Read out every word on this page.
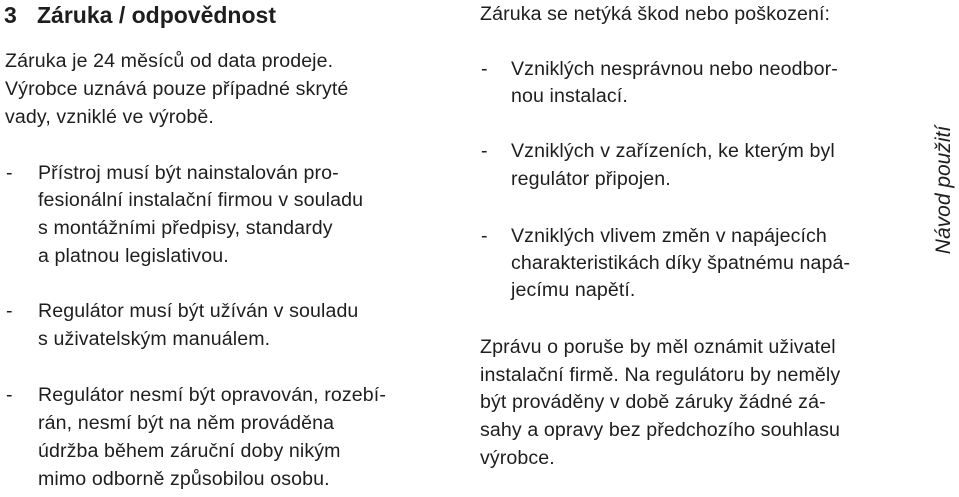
3 Záruka / odpovědnost
Záruka je 24 měsíců od data prodeje.
Výrobce uznává pouze případné skryté
vady, vzniklé ve výrobě.
- Přístroj musí být nainstalován pro-
fesionální instalační firmou v souladu
s montážními předpisy, standardy
a platnou legislativou.
- Regulátor musí být užíván v souladu
s uživatelským manuálem.
- Regulátor nesmí být opravován, rozebí-
rán, nesmí být na něm prováděna
údržba během záruční doby nikým
mimo odborně způsobilou osobu.
Záruka se netýká škod nebo poškození:
- Vzniklých nesprávnou nebo neodbor-
nou instalací.
- Vzniklých v zařízeních, ke kterým byl
regulátor připojen.
- Vzniklých vlivem změn v napájecích
charakteristikách díky špatnému napá-
jecímu napětí.
Zprávu o poruše by měl oznámit uživatel
instalační firmě. Na regulátoru by neměly
být prováděny v době záruky žádné zá-
sahy a opravy bez předchozího souhlasu
výrobce.
Návod použití
